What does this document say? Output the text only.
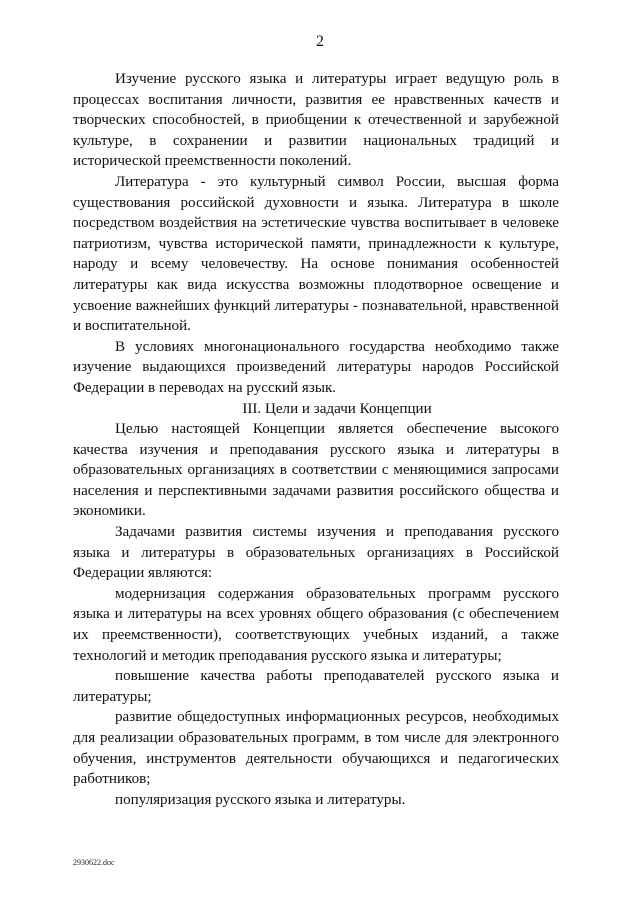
2

Изучение русского языка и литературы играет ведущую роль в процессах воспитания личности, развития ее нравственных качеств и творческих способностей, в приобщении к отечественной и зарубежной культуре, в сохранении и развитии национальных традиций и исторической преемственности поколений.

Литература - это культурный символ России, высшая форма существования российской духовности и языка. Литература в школе посредством воздействия на эстетические чувства воспитывает в человеке патриотизм, чувства исторической памяти, принадлежности к культуре, народу и всему человечеству. На основе понимания особенностей литературы как вида искусства возможны плодотворное освещение и усвоение важнейших функций литературы - познавательной, нравственной и воспитательной.

В условиях многонационального государства необходимо также изучение выдающихся произведений литературы народов Российской Федерации в переводах на русский язык.

III. Цели и задачи Концепции

Целью настоящей Концепции является обеспечение высокого качества изучения и преподавания русского языка и литературы в образовательных организациях в соответствии с меняющимися запросами населения и перспективными задачами развития российского общества и экономики.

Задачами развития системы изучения и преподавания русского языка и литературы в образовательных организациях в Российской Федерации являются:

модернизация содержания образовательных программ русского языка и литературы на всех уровнях общего образования (с обеспечением их преемственности), соответствующих учебных изданий, а также технологий и методик преподавания русского языка и литературы;

повышение качества работы преподавателей русского языка и литературы;

развитие общедоступных информационных ресурсов, необходимых для реализации образовательных программ, в том числе для электронного обучения, инструментов деятельности обучающихся и педагогических работников;

популяризация русского языка и литературы.

2930622.doc
